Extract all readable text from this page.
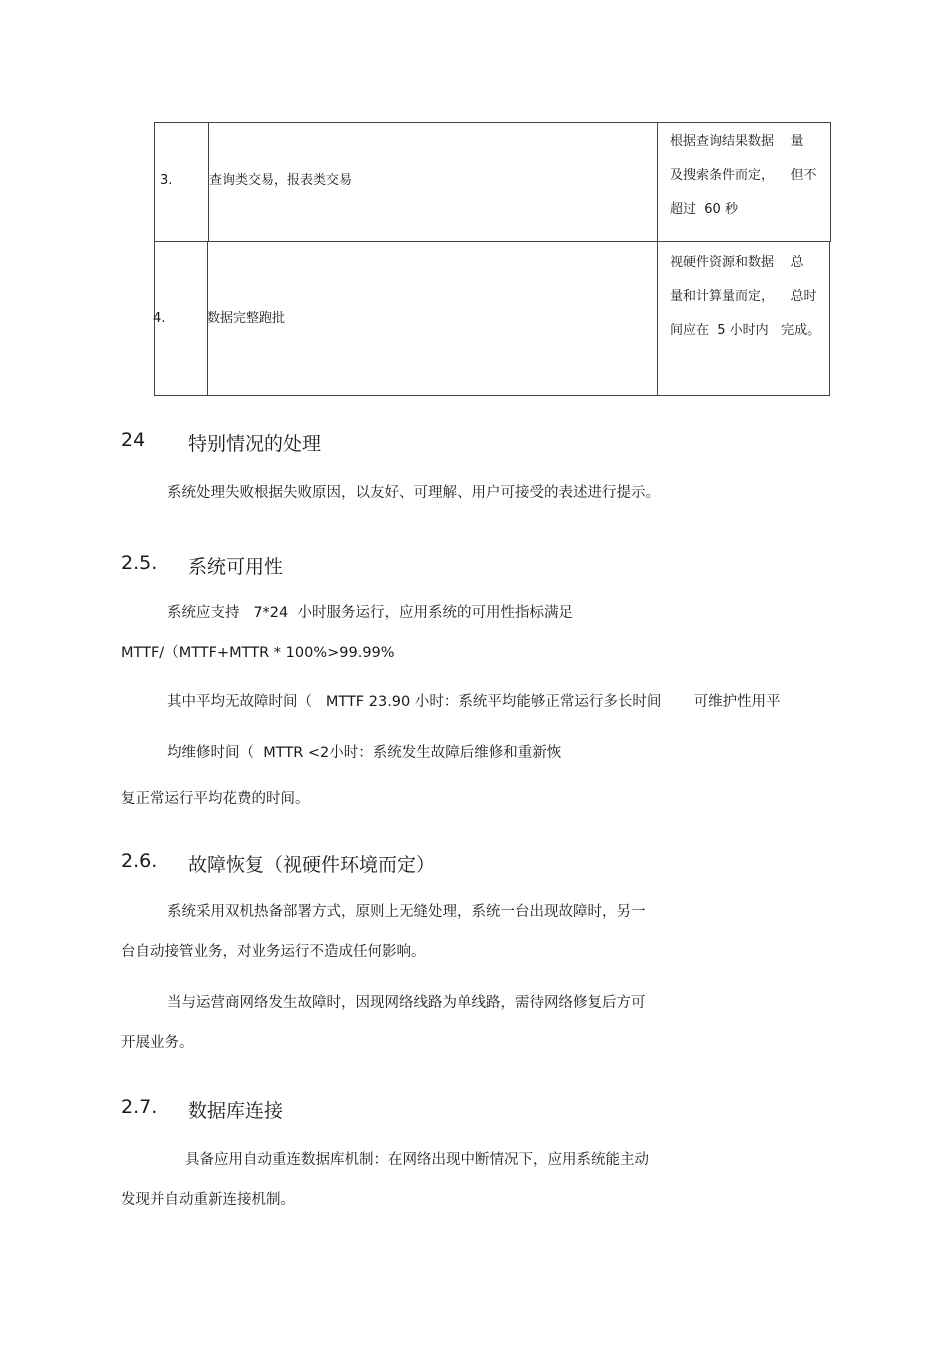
3.	查询类交易，报表类交易
根据查询结果数据    量
及搜索条件而定，    但不
超过  60 秒
4.	数据完整跑批
视硬件资源和数据    总
量和计算量而定，    总时
间应在  5 小时内   完成。
24 特别情况的处理
系统处理失败根据失败原因，以友好、可理解、用户可接受的表述进行提示。
2.5. 系统可用性
系统应支持   7*24  小时服务运行，应用系统的可用性指标满足
MTTF/（MTTF+MTTR * 100%>99.99%
其中平均无故障时间（   MTTF 23.90 小时：系统平均能够正常运行多长时间       可维护性用平
均维修时间（  MTTR <2小时：系统发生故障后维修和重新恢
复正常运行平均花费的时间。
2.6. 故障恢复（视硬件环境而定）
系统采用双机热备部署方式，原则上无缝处理，系统一台出现故障时，另一
台自动接管业务，对业务运行不造成任何影响。
当与运营商网络发生故障时，因现网络线路为单线路，需待网络修复后方可
开展业务。
2.7. 数据库连接
具备应用自动重连数据库机制：在网络出现中断情况下，应用系统能主动
发现并自动重新连接机制。
